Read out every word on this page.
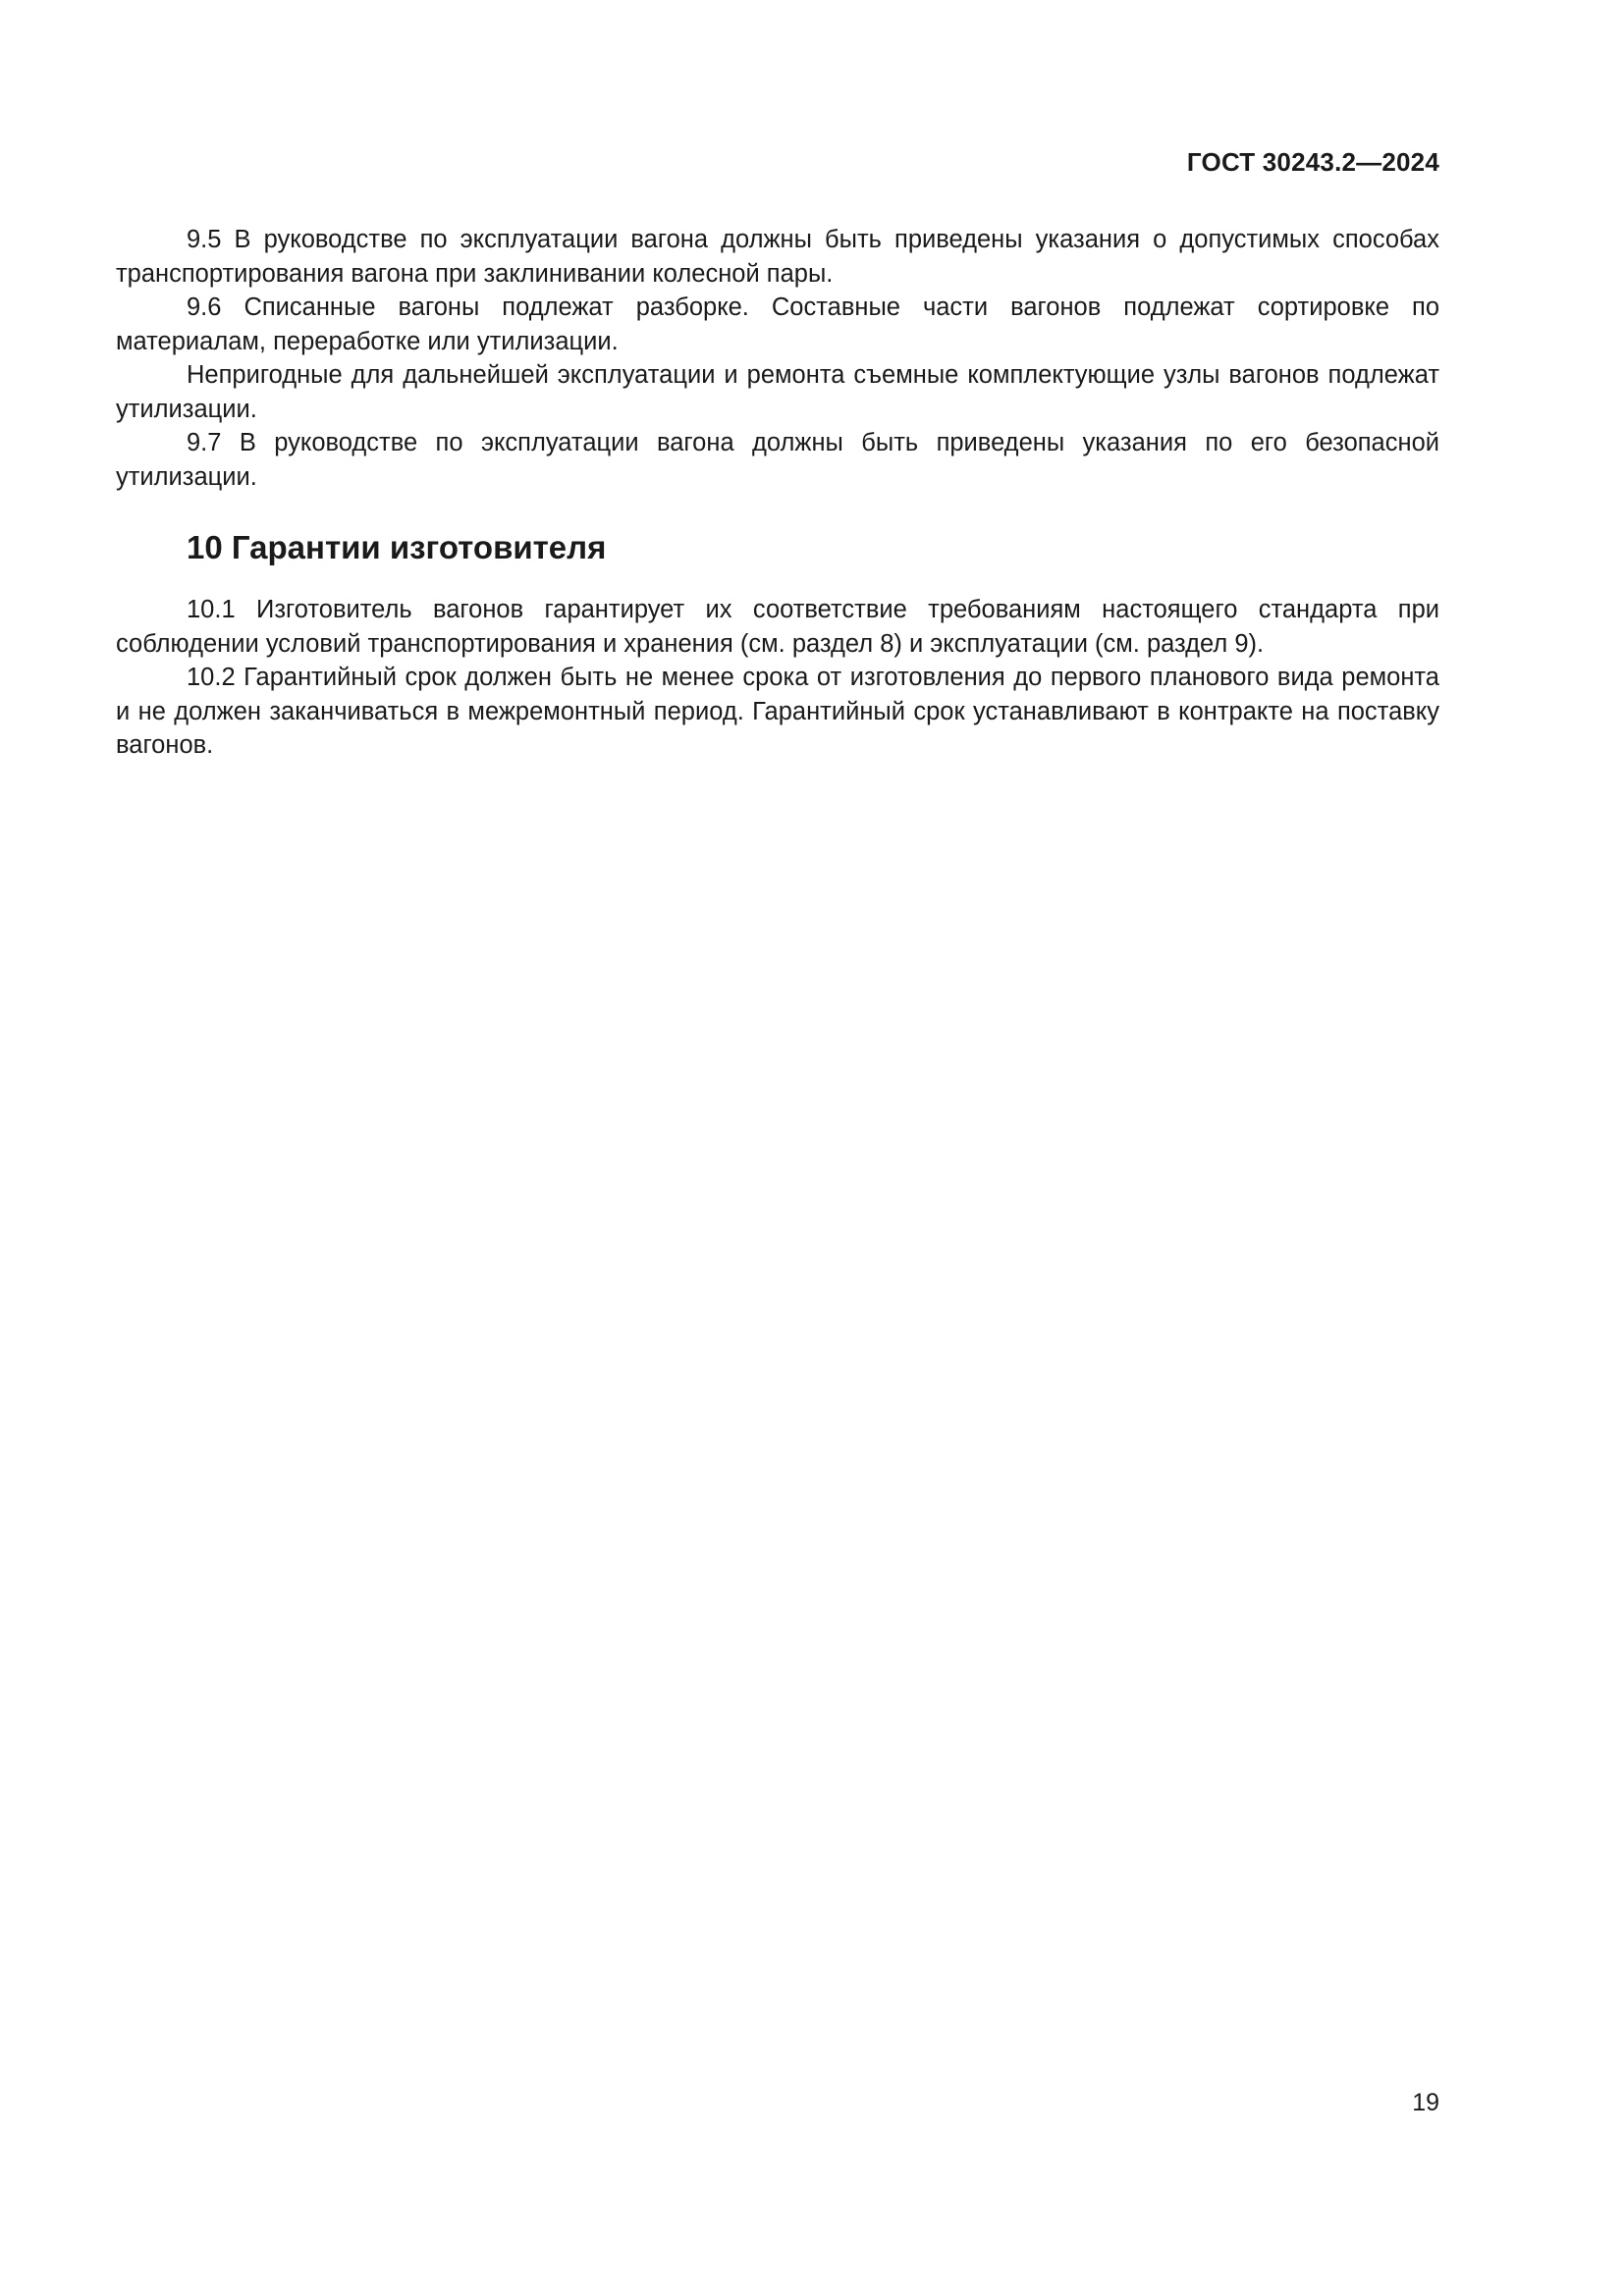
ГОСТ 30243.2—2024

9.5 В руководстве по эксплуатации вагона должны быть приведены указания о допустимых способах транспортирования вагона при заклинивании колесной пары.

9.6 Списанные вагоны подлежат разборке. Составные части вагонов подлежат сортировке по материалам, переработке или утилизации.

Непригодные для дальнейшей эксплуатации и ремонта съемные комплектующие узлы вагонов подлежат утилизации.

9.7 В руководстве по эксплуатации вагона должны быть приведены указания по его безопасной утилизации.

10 Гарантии изготовителя

10.1 Изготовитель вагонов гарантирует их соответствие требованиям настоящего стандарта при соблюдении условий транспортирования и хранения (см. раздел 8) и эксплуатации (см. раздел 9).

10.2 Гарантийный срок должен быть не менее срока от изготовления до первого планового вида ремонта и не должен заканчиваться в межремонтный период. Гарантийный срок устанавливают в контракте на поставку вагонов.

19
